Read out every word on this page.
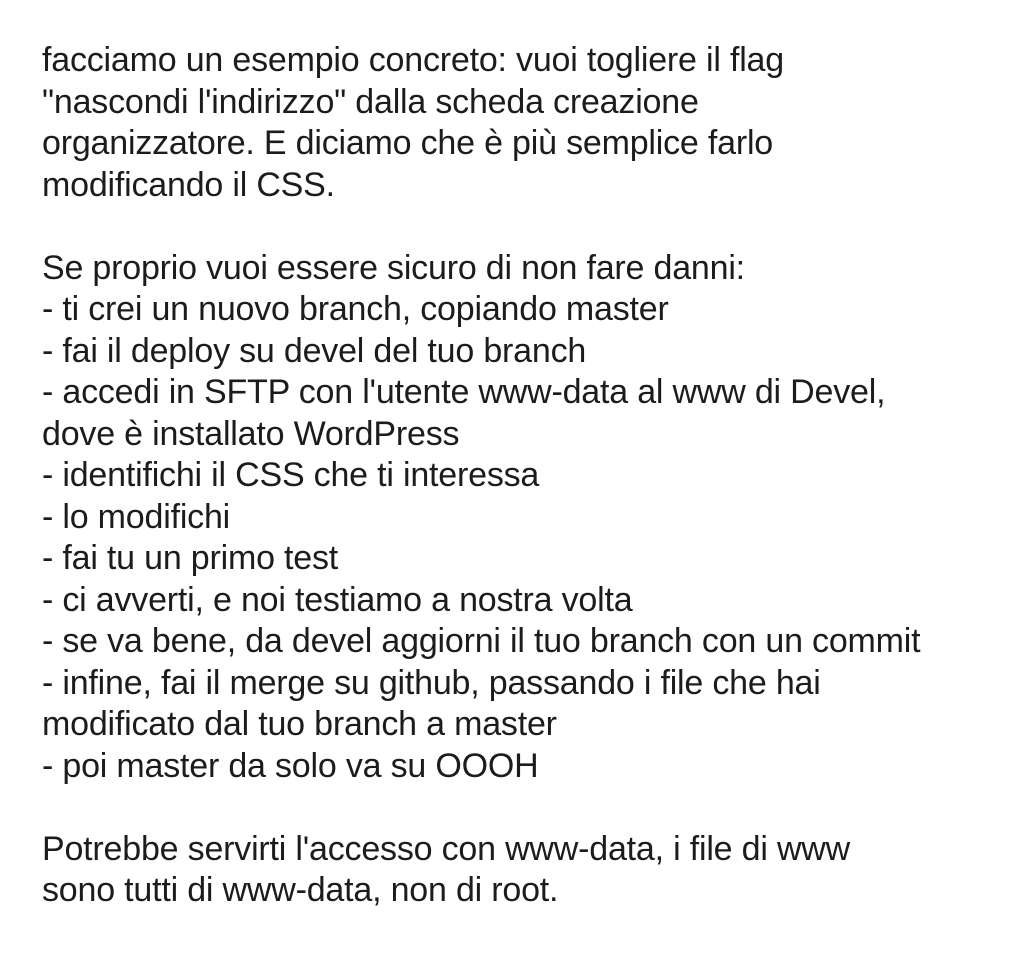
facciamo un esempio concreto: vuoi togliere il flag
"nascondi l'indirizzo" dalla scheda creazione
organizzatore. E diciamo che è più semplice farlo
modificando il CSS.
Se proprio vuoi essere sicuro di non fare danni:
- ti crei un nuovo branch, copiando master
- fai il deploy su devel del tuo branch
- accedi in SFTP con l'utente www-data al www di Devel,
dove è installato WordPress
- identifichi il CSS che ti interessa
- lo modifichi
- fai tu un primo test
- ci avverti, e noi testiamo a nostra volta
- se va bene, da devel aggiorni il tuo branch con un commit
- infine, fai il merge su github, passando i file che hai
modificato dal tuo branch a master
- poi master da solo va su OOOH
Potrebbe servirti l'accesso con www-data, i file di www
sono tutti di www-data, non di root.
